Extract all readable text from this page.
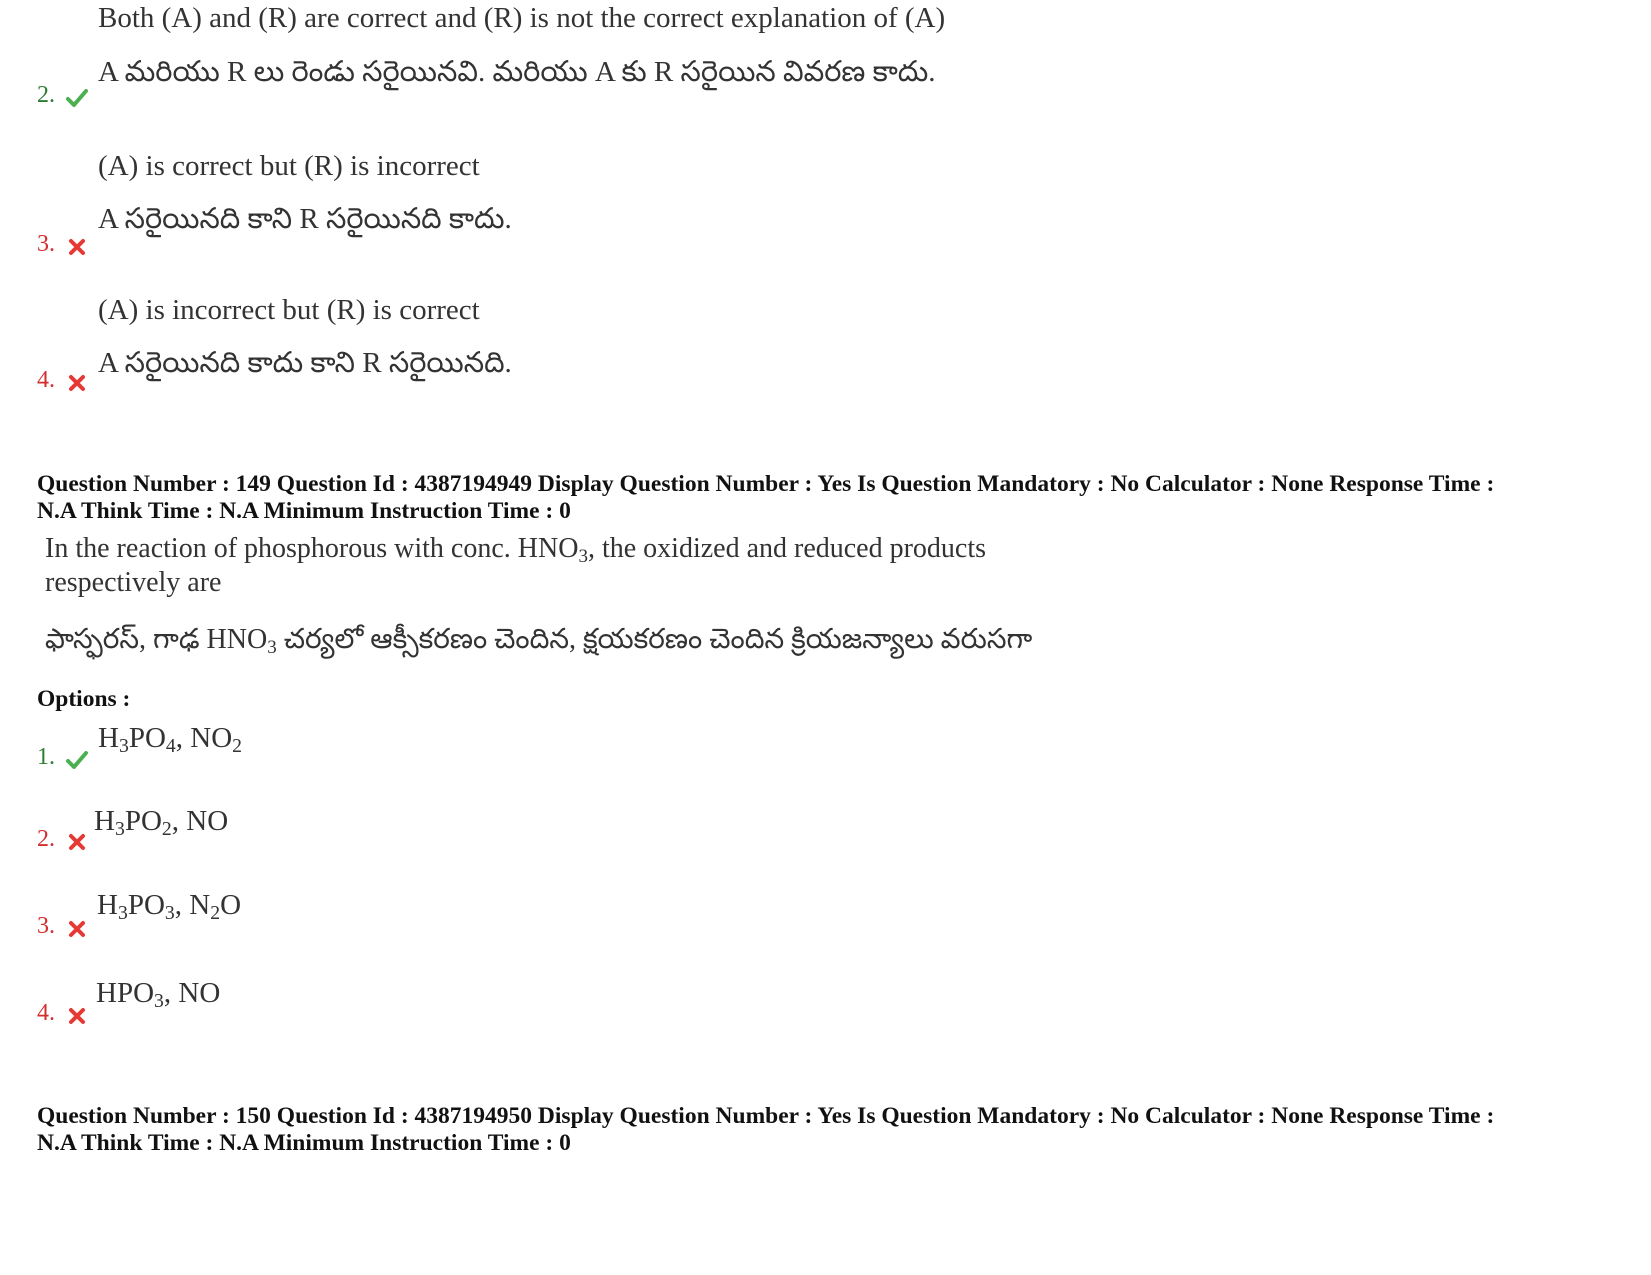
Both (A) and (R) are correct and (R) is not the correct explanation of (A)
A మరియు R లు రెండు సరైయినవి. మరియు A కు R సరైయిన వివరణ కాదు.
2.
(A) is correct but (R) is incorrect
A సరైయినది కాని R సరైయినది కాదు.
3.
(A) is incorrect but (R) is correct
A సరైయినది కాదు కాని R సరైయినది.
4.
Question Number : 149 Question Id : 4387194949 Display Question Number : Yes Is Question Mandatory : No Calculator : None Response Time :
N.A Think Time : N.A Minimum Instruction Time : 0
In the reaction of phosphorous with conc. $HNO_3$, the oxidized and reduced products
respectively are
ఫాస్ఫరస్, గాఢ $HNO_3$ చర్యలో ఆక్సీకరణం చెందిన, క్షయకరణం చెందిన క్రియజన్యాలు వరుసగా
Options :
$H_3PO_4$, $NO_2$
1.
$H_3PO_2$, NO
2.
$H_3PO_3$, $N_2O$
3.
$HPO_3$, NO
4.
Question Number : 150 Question Id : 4387194950 Display Question Number : Yes Is Question Mandatory : No Calculator : None Response Time :
N.A Think Time : N.A Minimum Instruction Time : 0
